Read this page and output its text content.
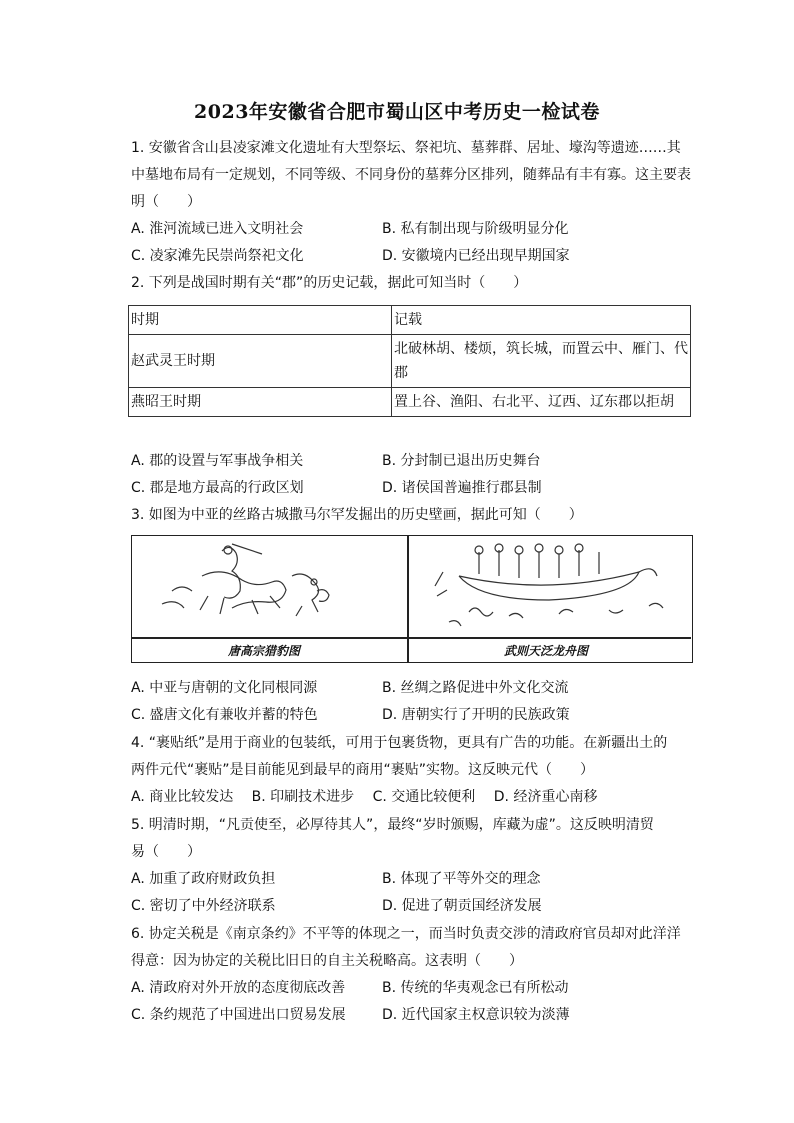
2023年安徽省合肥市蜀山区中考历史一检试卷
1. 安徽省含山县凌家滩文化遗址有大型祭坛、祭祀坑、墓葬群、居址、壕沟等遗迹……其
中墓地布局有一定规划，不同等级、不同身份的墓葬分区排列，随葬品有丰有寡。这主要表
明（　　）
A. 淮河流域已进入文明社会	B. 私有制出现与阶级明显分化
C. 凌家滩先民崇尚祭祀文化	D. 安徽境内已经出现早期国家
2. 下列是战国时期有关“郡”的历史记载，据此可知当时（　　）
时期	记载
赵武灵王时期	北破林胡、楼烦，筑长城，而置云中、雁门、代郡
燕昭王时期	置上谷、渔阳、右北平、辽西、辽东郡以拒胡
A. 郡的设置与军事战争相关	B. 分封制已退出历史舞台
C. 郡是地方最高的行政区划	D. 诸侯国普遍推行郡县制
3. 如图为中亚的丝路古城撒马尔罕发掘出的历史壁画，据此可知（　　）
唐高宗猎豹图	武则天泛龙舟图
A. 中亚与唐朝的文化同根同源	B. 丝绸之路促进中外文化交流
C. 盛唐文化有兼收并蓄的特色	D. 唐朝实行了开明的民族政策
4. “裹贴纸”是用于商业的包装纸，可用于包裹货物，更具有广告的功能。在新疆出土的
两件元代“裹贴”是目前能见到最早的商用“裹贴”实物。这反映元代（　　）
A. 商业比较发达　 B. 印刷技术进步　 C. 交通比较便利　 D. 经济重心南移
5. 明清时期，“凡贡使至，必厚待其人”，最终“岁时颁赐，库藏为虚”。这反映明清贸
易（　　）
A. 加重了政府财政负担	B. 体现了平等外交的理念
C. 密切了中外经济联系	D. 促进了朝贡国经济发展
6. 协定关税是《南京条约》不平等的体现之一，而当时负责交涉的清政府官员却对此洋洋
得意：因为协定的关税比旧日的自主关税略高。这表明（　　）
A. 清政府对外开放的态度彻底改善	B. 传统的华夷观念已有所松动
C. 条约规范了中国进出口贸易发展	D. 近代国家主权意识较为淡薄
